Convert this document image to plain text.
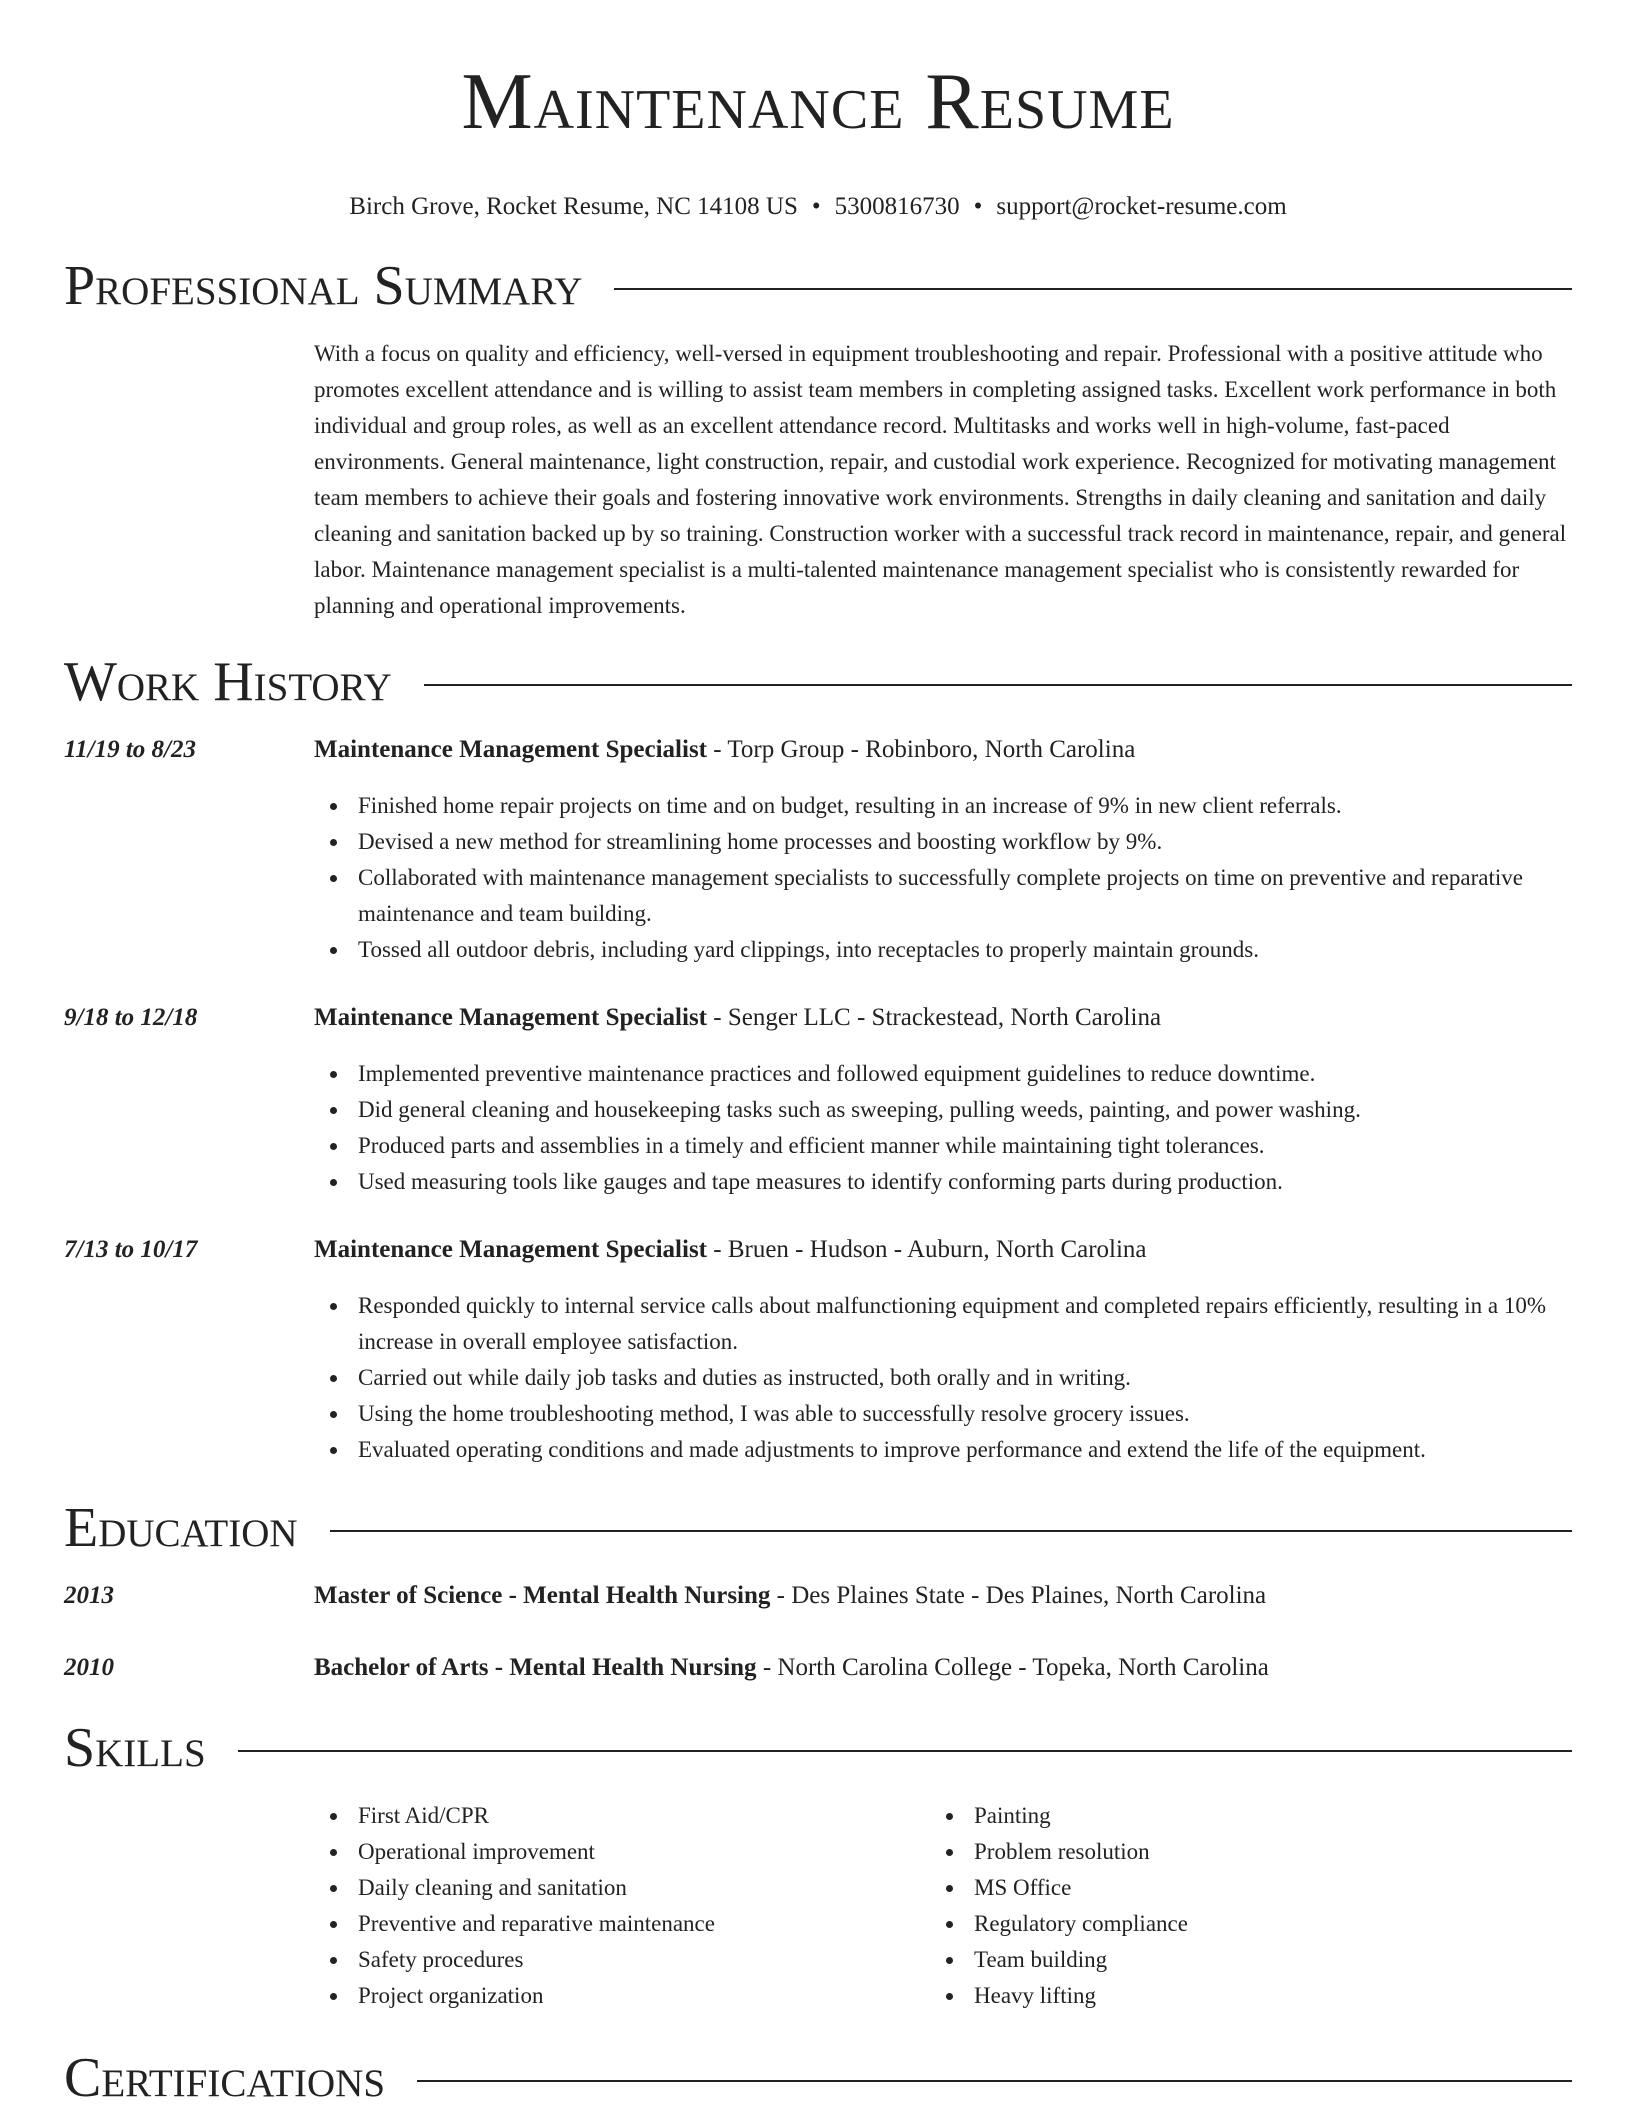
Maintenance Resume
Birch Grove, Rocket Resume, NC 14108 US • 5300816730 • support@rocket-resume.com
Professional Summary

With a focus on quality and efficiency, well-versed in equipment troubleshooting and repair. Professional with a positive attitude who promotes excellent attendance and is willing to assist team members in completing assigned tasks. Excellent work performance in both individual and group roles, as well as an excellent attendance record. Multitasks and works well in high-volume, fast-paced environments. General maintenance, light construction, repair, and custodial work experience. Recognized for motivating management team members to achieve their goals and fostering innovative work environments. Strengths in daily cleaning and sanitation and daily cleaning and sanitation backed up by so training. Construction worker with a successful track record in maintenance, repair, and general labor. Maintenance management specialist is a multi-talented maintenance management specialist who is consistently rewarded for planning and operational improvements.

Work History
11/19 to 8/23	Maintenance Management Specialist - Torp Group - Robinboro, North Carolina
Finished home repair projects on time and on budget, resulting in an increase of 9% in new client referrals.
Devised a new method for streamlining home processes and boosting workflow by 9%.
Collaborated with maintenance management specialists to successfully complete projects on time on preventive and reparative maintenance and team building.
Tossed all outdoor debris, including yard clippings, into receptacles to properly maintain grounds.
9/18 to 12/18	Maintenance Management Specialist - Senger LLC - Strackestead, North Carolina
Implemented preventive maintenance practices and followed equipment guidelines to reduce downtime.
Did general cleaning and housekeeping tasks such as sweeping, pulling weeds, painting, and power washing.
Produced parts and assemblies in a timely and efficient manner while maintaining tight tolerances.
Used measuring tools like gauges and tape measures to identify conforming parts during production.
7/13 to 10/17	Maintenance Management Specialist - Bruen - Hudson - Auburn, North Carolina
Responded quickly to internal service calls about malfunctioning equipment and completed repairs efficiently, resulting in a 10% increase in overall employee satisfaction.
Carried out while daily job tasks and duties as instructed, both orally and in writing.
Using the home troubleshooting method, I was able to successfully resolve grocery issues.
Evaluated operating conditions and made adjustments to improve performance and extend the life of the equipment.
Education
2013	Master of Science - Mental Health Nursing - Des Plaines State - Des Plaines, North Carolina
2010	Bachelor of Arts - Mental Health Nursing - North Carolina College - Topeka, North Carolina
Skills
First Aid/CPR
Operational improvement
Daily cleaning and sanitation
Preventive and reparative maintenance
Safety procedures
Project organization
Painting
Problem resolution
MS Office
Regulatory compliance
Team building
Heavy lifting
Certifications
